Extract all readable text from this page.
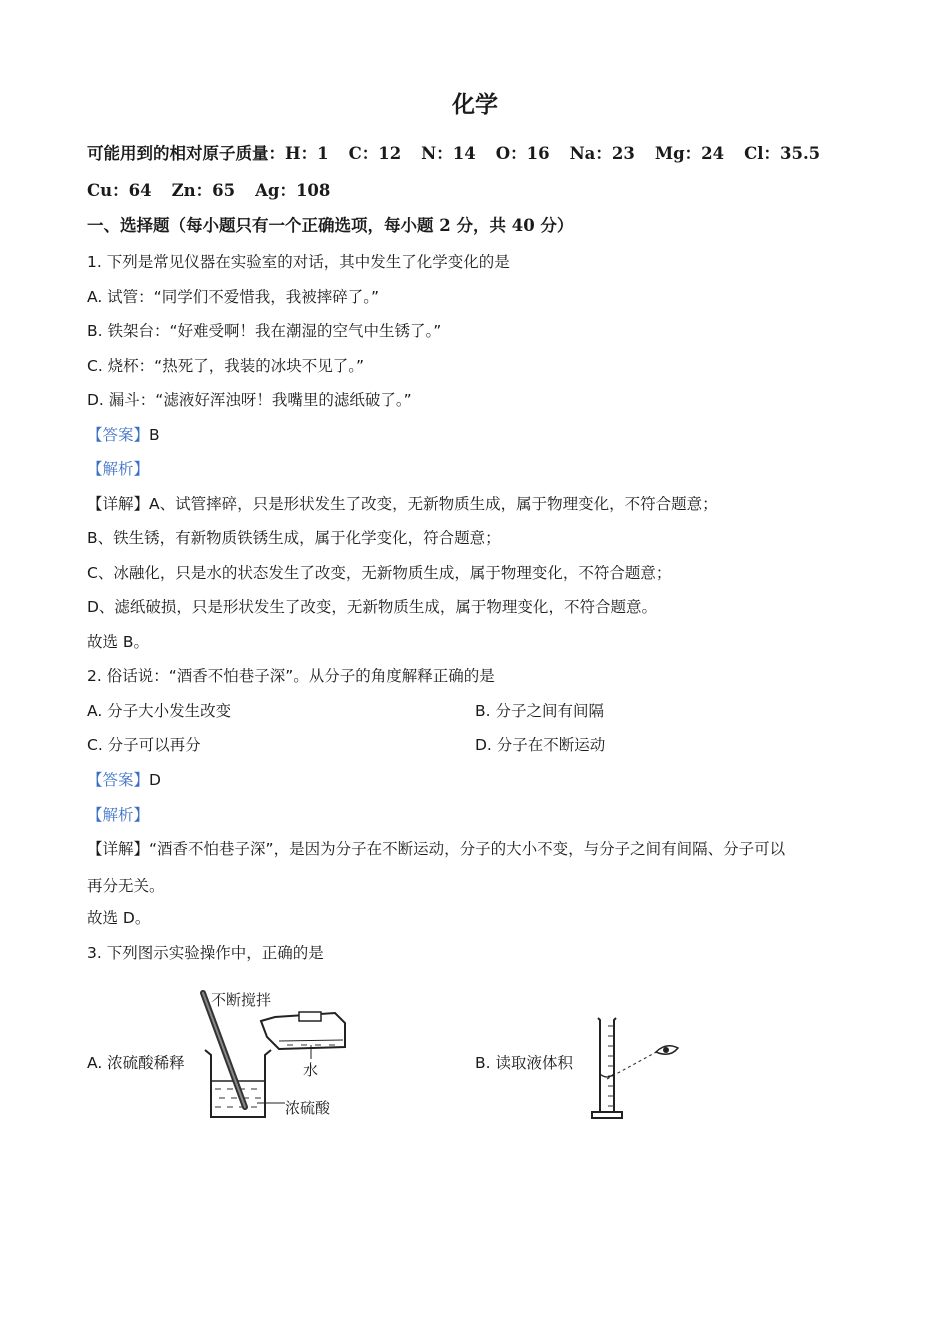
化学
可能用到的相对原子质量：H：1 C：12 N：14 O：16 Na：23 Mg：24 Cl：35.5
Cu：64 Zn：65 Ag：108
一、选择题（每小题只有一个正确选项，每小题 2 分，共 40 分）
1. 下列是常见仪器在实验室的对话，其中发生了化学变化的是
A. 试管：“同学们不爱惜我，我被摔碎了。”
B. 铁架台：“好难受啊！我在潮湿的空气中生锈了。”
C. 烧杯：“热死了，我装的冰块不见了。”
D. 漏斗：“滤液好浑浊呀！我嘴里的滤纸破了。”
【答案】B
【解析】
【详解】A、试管摔碎，只是形状发生了改变，无新物质生成，属于物理变化，不符合题意；
B、铁生锈，有新物质铁锈生成，属于化学变化，符合题意；
C、冰融化，只是水的状态发生了改变，无新物质生成，属于物理变化，不符合题意；
D、滤纸破损，只是形状发生了改变，无新物质生成，属于物理变化，不符合题意。
故选 B。
2. 俗话说：“酒香不怕巷子深”。从分子的角度解释正确的是
A. 分子大小发生改变	B. 分子之间有间隔
C. 分子可以再分	D. 分子在不断运动
【答案】D
【解析】
【详解】“酒香不怕巷子深”，是因为分子在不断运动，分子的大小不变，与分子之间有间隔、分子可以
再分无关。
故选 D。
3. 下列图示实验操作中，正确的是
A. 浓硫酸稀释	B. 读取液体积
不断搅拌
水
浓硫酸
